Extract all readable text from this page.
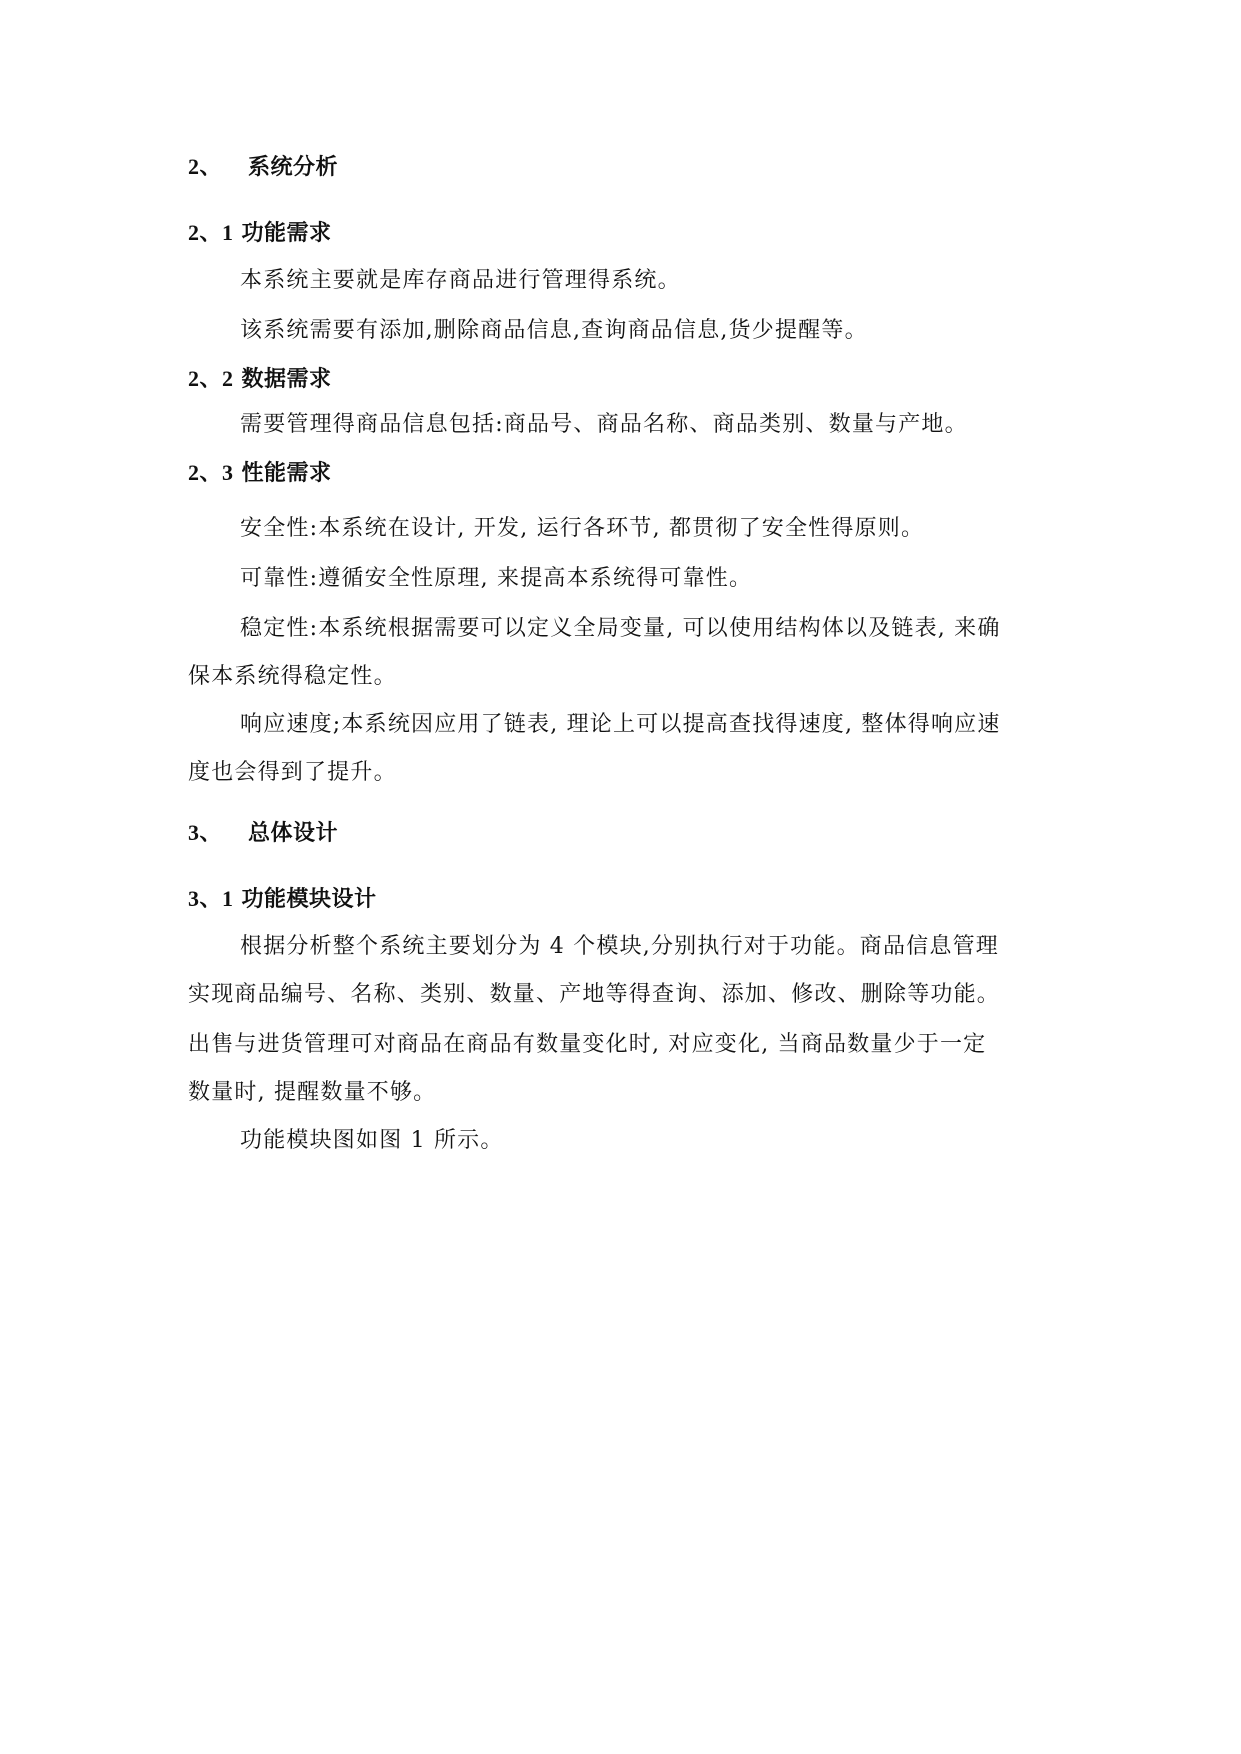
2、 系统分析
2、1 功能需求
本系统主要就是库存商品进行管理得系统。
该系统需要有添加,删除商品信息,查询商品信息,货少提醒等。
2、2 数据需求
需要管理得商品信息包括:商品号、商品名称、商品类别、数量与产地。
2、3 性能需求
安全性:本系统在设计, 开发, 运行各环节, 都贯彻了安全性得原则。
可靠性:遵循安全性原理, 来提高本系统得可靠性。
稳定性:本系统根据需要可以定义全局变量, 可以使用结构体以及链表, 来确
保本系统得稳定性。
响应速度;本系统因应用了链表, 理论上可以提高查找得速度, 整体得响应速
度也会得到了提升。
3、 总体设计
3、1 功能模块设计
根据分析整个系统主要划分为 4 个模块,分别执行对于功能。商品信息管理
实现商品编号、名称、类别、数量、产地等得查询、添加、修改、删除等功能。
出售与进货管理可对商品在商品有数量变化时, 对应变化, 当商品数量少于一定
数量时, 提醒数量不够。
功能模块图如图 1 所示。
